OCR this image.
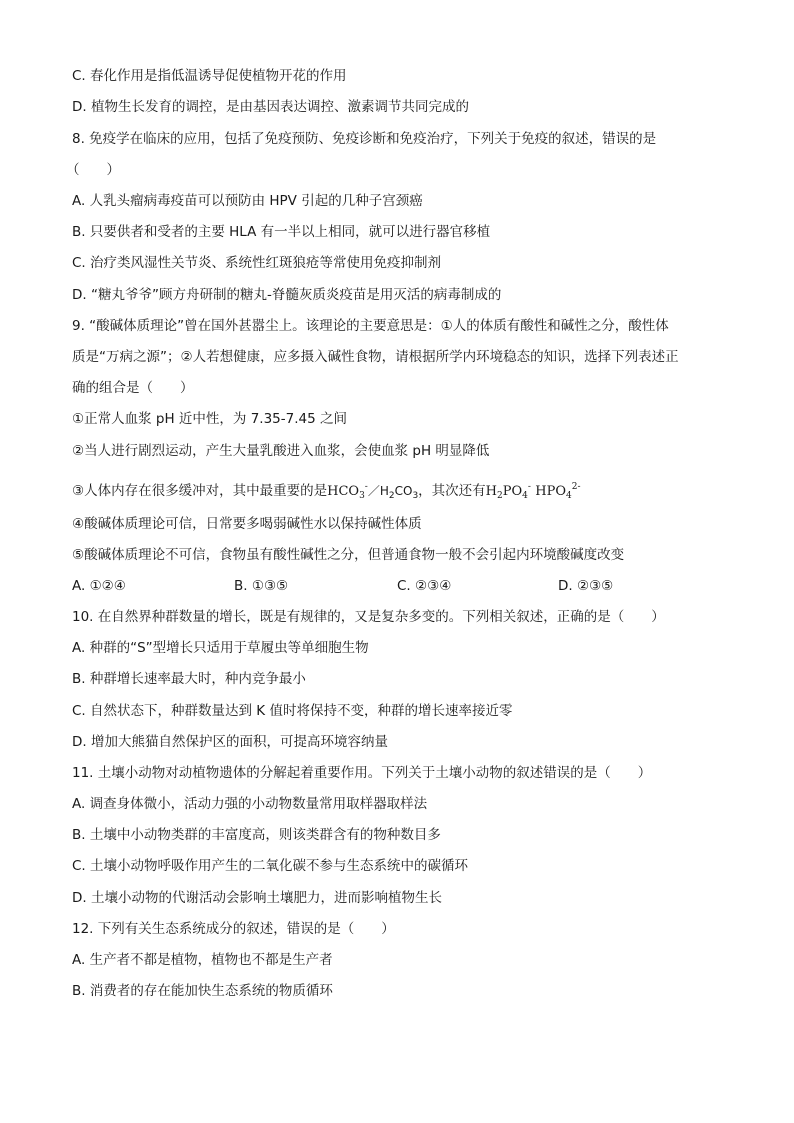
C. 春化作用是指低温诱导促使植物开花的作用
D. 植物生长发育的调控，是由基因表达调控、激素调节共同完成的
8. 免疫学在临床的应用，包括了免疫预防、免疫诊断和免疫治疗，下列关于免疫的叙述，错误的是
（　　）
A. 人乳头瘤病毒疫苗可以预防由 HPV 引起的几种子宫颈癌
B. 只要供者和受者的主要 HLA 有一半以上相同，就可以进行器官移植
C. 治疗类风湿性关节炎、系统性红斑狼疮等常使用免疫抑制剂
D. “糖丸爷爷”顾方舟研制的糖丸-脊髓灰质炎疫苗是用灭活的病毒制成的
9. “酸碱体质理论”曾在国外甚嚣尘上。该理论的主要意思是：①人的体质有酸性和碱性之分，酸性体
质是“万病之源”；②人若想健康，应多摄入碱性食物，请根据所学内环境稳态的知识，选择下列表述正
确的组合是（　　）
①正常人血浆 pH 近中性，为 7.35-7.45 之间
②当人进行剧烈运动，产生大量乳酸进入血浆，会使血浆 pH 明显降低
③人体内存在很多缓冲对，其中最重要的是$HCO_3^-/H_2CO_3$，其次还有$H_2PO_4^-$ $HPO_4^{2-}$
④酸碱体质理论可信，日常要多喝弱碱性水以保持碱性体质
⑤酸碱体质理论不可信，食物虽有酸性碱性之分，但普通食物一般不会引起内环境酸碱度改变
A. ①②④	B. ①③⑤	C. ②③④	D. ②③⑤
10. 在自然界种群数量的增长，既是有规律的，又是复杂多变的。下列相关叙述，正确的是（　　）
A. 种群的“S”型增长只适用于草履虫等单细胞生物
B. 种群增长速率最大时，种内竞争最小
C. 自然状态下，种群数量达到 K 值时将保持不变，种群的增长速率接近零
D. 增加大熊猫自然保护区的面积，可提高环境容纳量
11. 土壤小动物对动植物遗体的分解起着重要作用。下列关于土壤小动物的叙述错误的是（　　）
A. 调查身体微小，活动力强的小动物数量常用取样器取样法
B. 土壤中小动物类群的丰富度高，则该类群含有的物种数目多
C. 土壤小动物呼吸作用产生的二氧化碳不参与生态系统中的碳循环
D. 土壤小动物的代谢活动会影响土壤肥力，进而影响植物生长
12. 下列有关生态系统成分的叙述，错误的是（　　）
A. 生产者不都是植物，植物也不都是生产者
B. 消费者的存在能加快生态系统的物质循环
